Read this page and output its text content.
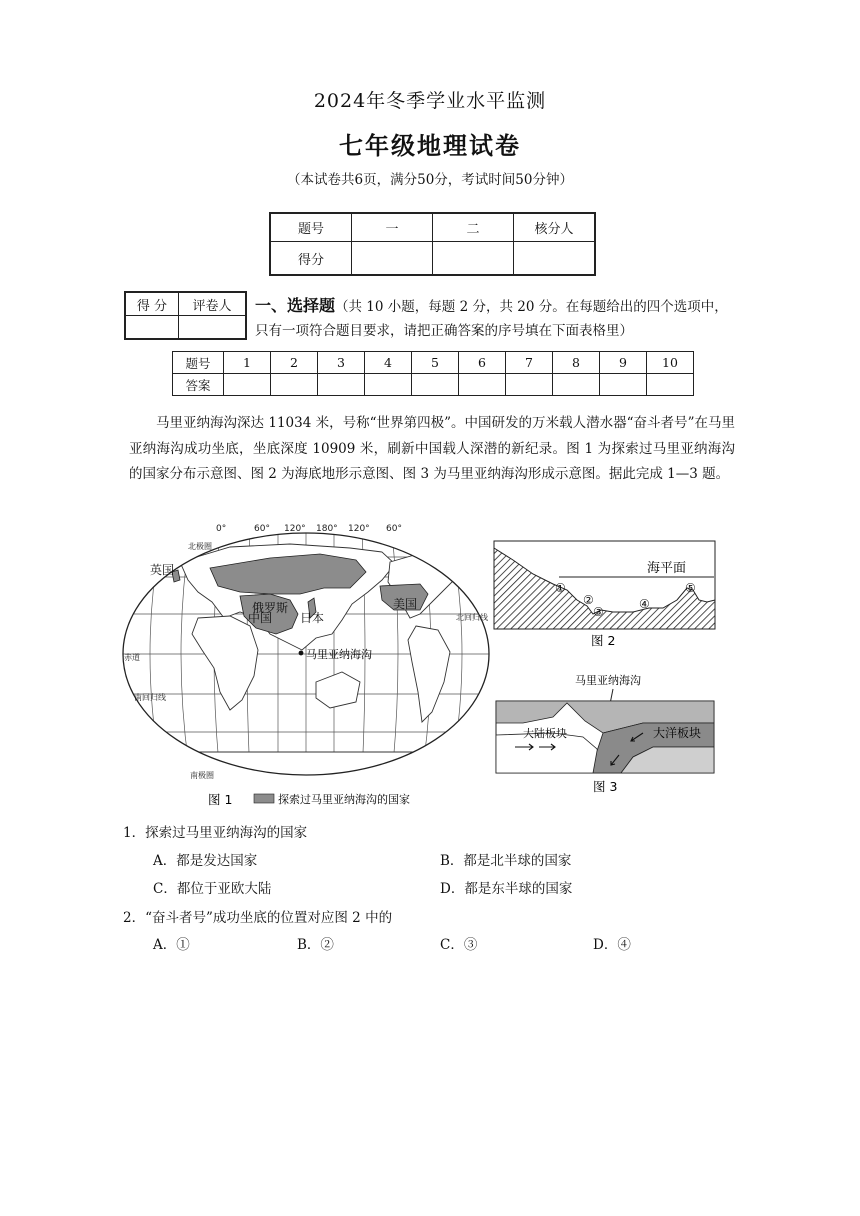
2024年冬季学业水平监测
七年级地理试卷
（本试卷共6页，满分50分，考试时间50分钟）
题号	一	二	核分人
得分			
得 分	评卷人
	一、选择题（共 10 小题，每题 2 分，共 20 分。在每题给出的四个选项中，只有一项符合题目要求，请把正确答案的序号填在下面表格里）
题号	1	2	3	4	5	6	7	8	9	10
答案										
马里亚纳海沟深达 11034 米，号称“世界第四极”。中国研发的万米载人潜水器“奋斗者号”在马里亚纳海沟成功坐底，坐底深度 10909 米，刷新中国载人深潜的新纪录。图 1 为探索过马里亚纳海沟的国家分布示意图、图 2 为海底地形示意图、图 3 为马里亚纳海沟形成示意图。据此完成 1—3 题。
0°	60° 120° 180° 120° 60°
北极圈
北回归线
赤道
南回归线
南极圈
英国
俄罗斯
中国 日本
美国
马里亚纳海沟
图 1	探索过马里亚纳海沟的国家
海平面
①
②
③
④
⑤
图 2
马里亚纳海沟
大陆板块	大洋板块
图 3
1．探索过马里亚纳海沟的国家
A．都是发达国家	B．都是北半球的国家
C．都位于亚欧大陆	D．都是东半球的国家
2．“奋斗者号”成功坐底的位置对应图 2 中的
A．①	B．②	C．③	D．④
